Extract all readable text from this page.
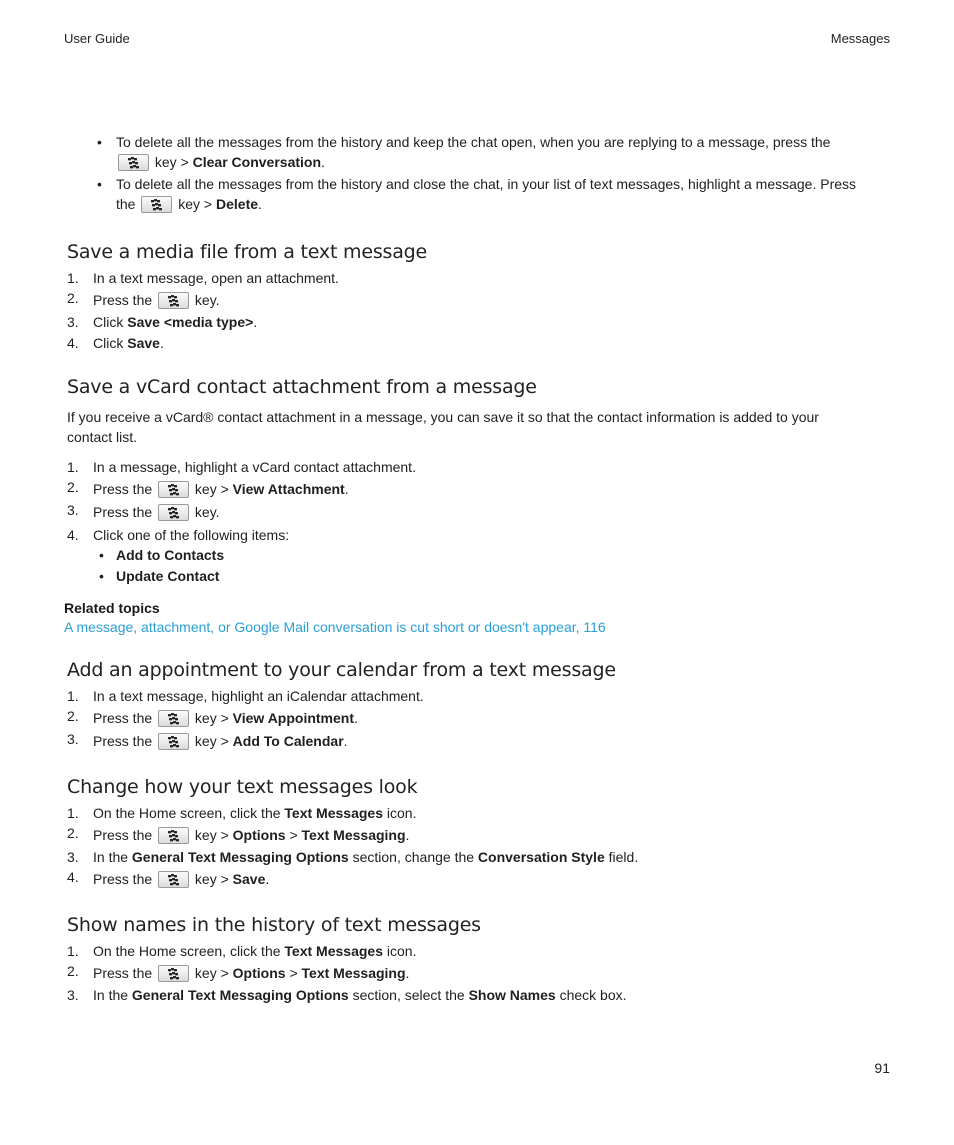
User Guide	Messages
• To delete all the messages from the history and keep the chat open, when you are replying to a message, press the
key > Clear Conversation.
• To delete all the messages from the history and close the chat, in your list of text messages, highlight a message. Press
the	key > Delete.
Save a media file from a text message
1. In a text message, open an attachment.
2. Press the	key.
3. Click Save <media type>.
4. Click Save.
Save a vCard contact attachment from a message
If you receive a vCard® contact attachment in a message, you can save it so that the contact information is added to your
contact list.
1. In a message, highlight a vCard contact attachment.
2. Press the	key > View Attachment.
3. Press the	key.
4. Click one of the following items:
• Add to Contacts
• Update Contact
Related topics
A message, attachment, or Google Mail conversation is cut short or doesn't appear, 116
Add an appointment to your calendar from a text message
1. In a text message, highlight an iCalendar attachment.
2. Press the	key > View Appointment.
3. Press the	key > Add To Calendar.
Change how your text messages look
1. On the Home screen, click the Text Messages icon.
2. Press the	key > Options > Text Messaging.
3. In the General Text Messaging Options section, change the Conversation Style field.
4. Press the	key > Save.
Show names in the history of text messages
1. On the Home screen, click the Text Messages icon.
2. Press the	key > Options > Text Messaging.
3. In the General Text Messaging Options section, select the Show Names check box.
91
